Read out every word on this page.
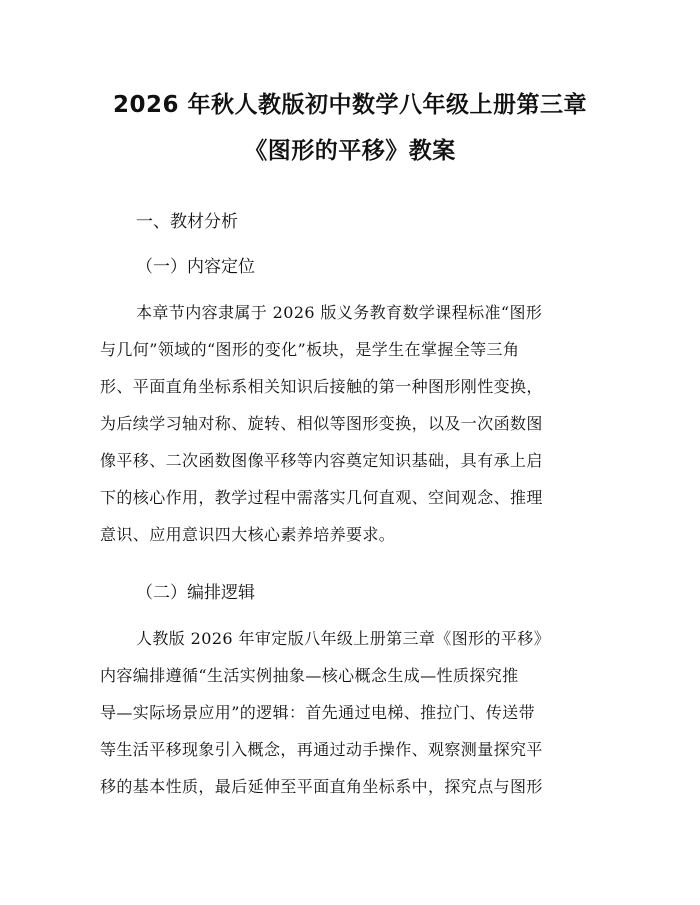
2026 年秋人教版初中数学八年级上册第三章
《图形的平移》教案
一、教材分析
（一）内容定位

本章节内容隶属于 2026 版义务教育数学课程标准“图形
与几何”领域的“图形的变化”板块，是学生在掌握全等三角
形、平面直角坐标系相关知识后接触的第一种图形刚性变换，
为后续学习轴对称、旋转、相似等图形变换，以及一次函数图
像平移、二次函数图像平移等内容奠定知识基础，具有承上启
下的核心作用，教学过程中需落实几何直观、空间观念、推理
意识、应用意识四大核心素养培养要求。

（二）编排逻辑

人教版 2026 年审定版八年级上册第三章《图形的平移》
内容编排遵循“生活实例抽象—核心概念生成—性质探究推
导—实际场景应用”的逻辑：首先通过电梯、推拉门、传送带
等生活平移现象引入概念，再通过动手操作、观察测量探究平
移的基本性质，最后延伸至平面直角坐标系中，探究点与图形
